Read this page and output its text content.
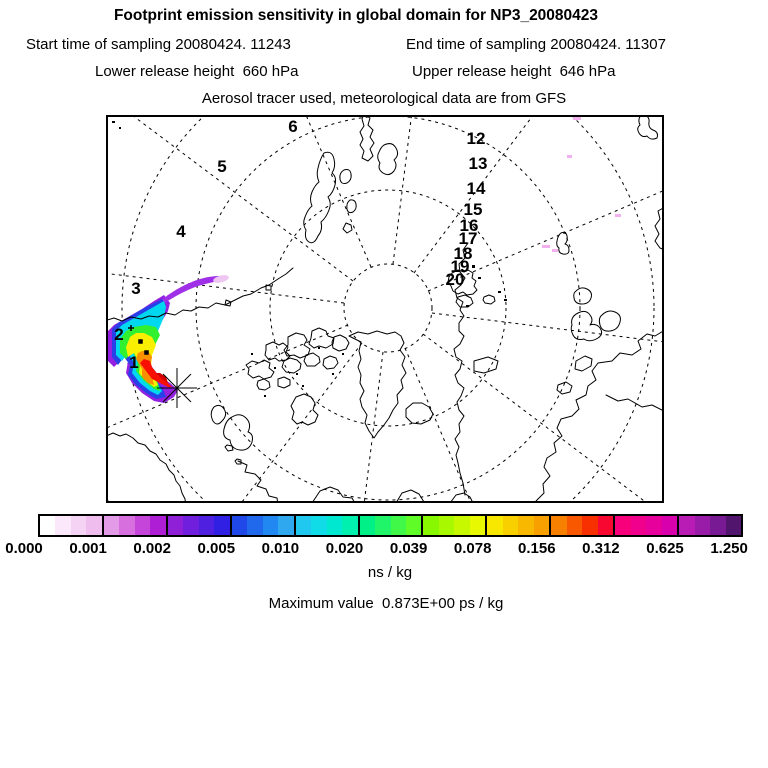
Footprint emission sensitivity in global domain for NP3_20080423
Start time of sampling 20080424. 11243	End time of sampling 20080424. 11307
Lower release height  660 hPa	Upper release height  646 hPa
Aerosol tracer used, meteorological data are from GFS
1
2
3
4
5
6
12
13
14
15
16
17
18
19
20
0.000 0.001 0.002 0.005 0.010 0.020 0.039 0.078 0.156 0.312 0.625 1.250
ns / kg
Maximum value  0.873E+00 ps / kg
